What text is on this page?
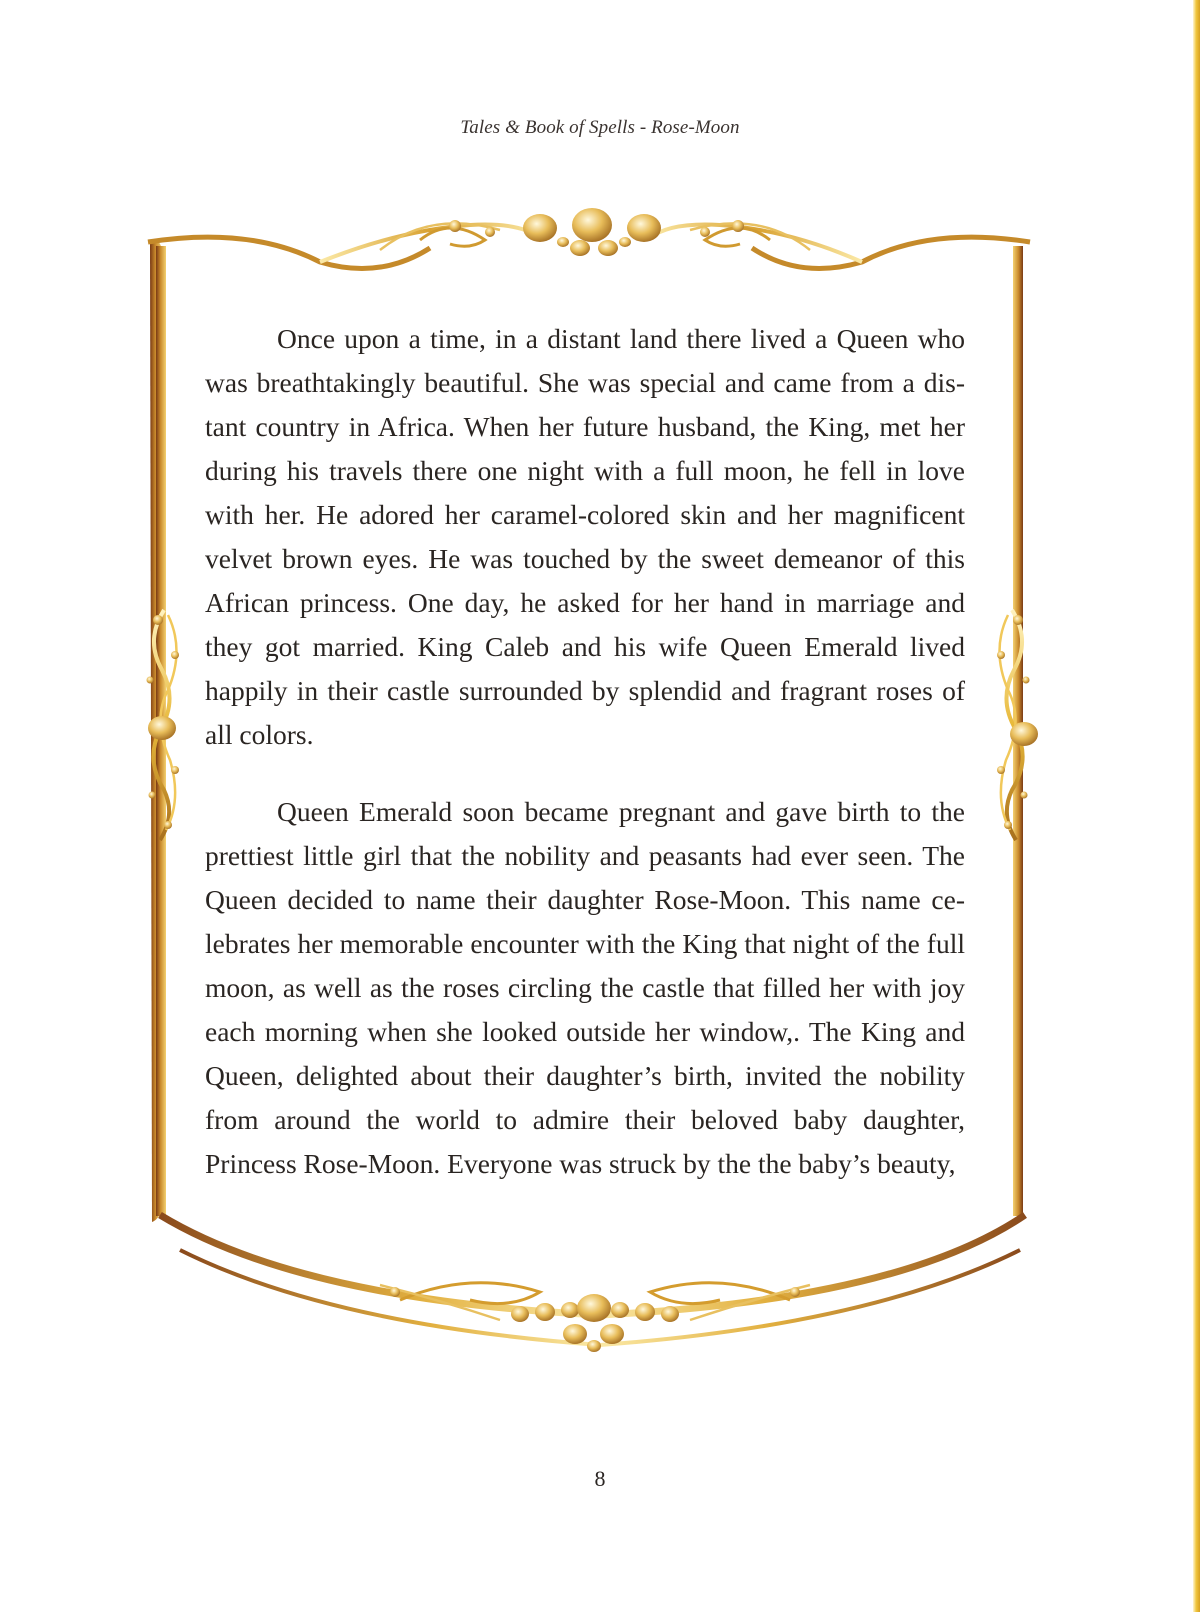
Tales & Book of Spells - Rose-Moon

Once upon a time, in a distant land there lived a Queen who was breathtakingly beautiful. She was special and came from a distant country in Africa. When her future husband, the King, met her during his travels there one night with a full moon, he fell in love with her. He adored her caramel-colored skin and her magnificent velvet brown eyes. He was touched by the sweet demeanor of this African princess. One day, he asked for her hand in marriage and they got married. King Caleb and his wife Queen Emerald lived happily in their castle surrounded by splendid and fragrant roses of all colors.

Queen Emerald soon became pregnant and gave birth to the prettiest little girl that the nobility and peasants had ever seen. The Queen decided to name their daughter Rose-Moon. This name celebrates her memorable encounter with the King that night of the full moon, as well as the roses circling the castle that filled her with joy each morning when she looked outside her window,. The King and Queen, delighted about their daughter’s birth, invited the nobility from around the world to admire their beloved baby daughter, Princess Rose-Moon. Everyone was struck by the the baby’s beauty,

8
